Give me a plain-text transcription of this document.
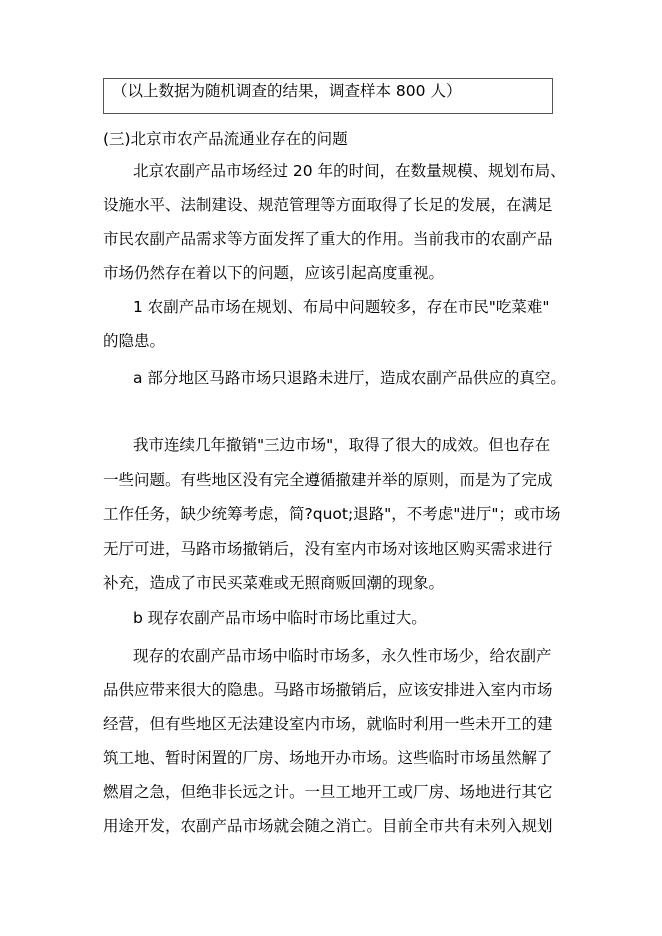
（以上数据为随机调查的结果，调查样本 800 人）
(三)北京市农产品流通业存在的问题
北京农副产品市场经过 20 年的时间，在数量规模、规划布局、
设施水平、法制建设、规范管理等方面取得了长足的发展，在满足
市民农副产品需求等方面发挥了重大的作用。当前我市的农副产品
市场仍然存在着以下的问题，应该引起高度重视。
1 农副产品市场在规划、布局中问题较多，存在市民"吃菜难"
的隐患。
a 部分地区马路市场只退路未进厅，造成农副产品供应的真空。
我市连续几年撤销"三边市场"，取得了很大的成效。但也存在
一些问题。有些地区没有完全遵循撤建并举的原则，而是为了完成
工作任务，缺少统筹考虑，简?quot;退路"，不考虑"进厅"；或市场
无厅可进，马路市场撤销后，没有室内市场对该地区购买需求进行
补充，造成了市民买菜难或无照商贩回潮的现象。
b 现存农副产品市场中临时市场比重过大。
现存的农副产品市场中临时市场多，永久性市场少，给农副产
品供应带来很大的隐患。马路市场撤销后，应该安排进入室内市场
经营，但有些地区无法建设室内市场，就临时利用一些未开工的建
筑工地、暂时闲置的厂房、场地开办市场。这些临时市场虽然解了
燃眉之急，但绝非长远之计。一旦工地开工或厂房、场地进行其它
用途开发，农副产品市场就会随之消亡。目前全市共有未列入规划
